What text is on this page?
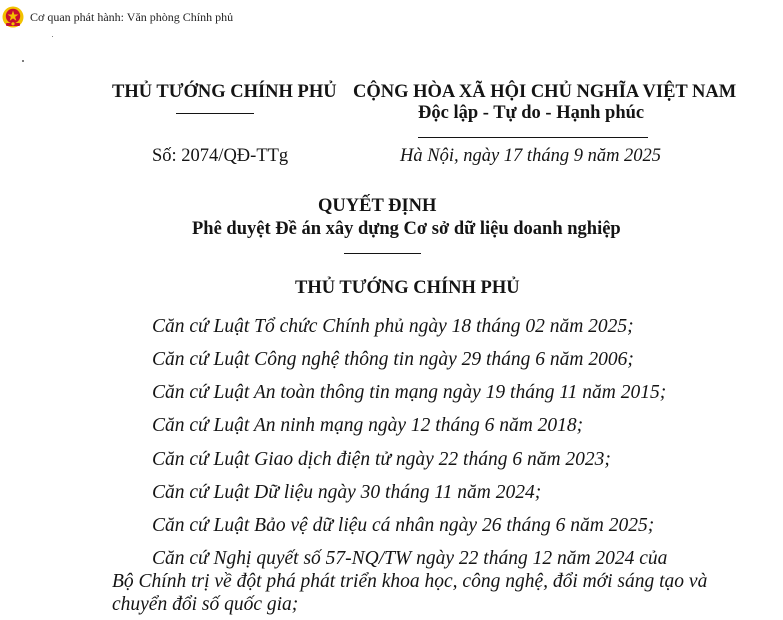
Cơ quan phát hành: Văn phòng Chính phủ

THỦ TƯỚNG CHÍNH PHỦ CỘNG HÒA XÃ HỘI CHỦ NGHĨA VIỆT NAM

Độc lập - Tự do - Hạnh phúc

Số: 2074/QĐ-TTg	Hà Nội, ngày 17 tháng 9 năm 2025

QUYẾT ĐỊNH

Phê duyệt Đề án xây dựng Cơ sở dữ liệu doanh nghiệp

THỦ TƯỚNG CHÍNH PHỦ

Căn cứ Luật Tổ chức Chính phủ ngày 18 tháng 02 năm 2025;

Căn cứ Luật Công nghệ thông tin ngày 29 tháng 6 năm 2006;

Căn cứ Luật An toàn thông tin mạng ngày 19 tháng 11 năm 2015;

Căn cứ Luật An ninh mạng ngày 12 tháng 6 năm 2018;

Căn cứ Luật Giao dịch điện tử ngày 22 tháng 6 năm 2023;

Căn cứ Luật Dữ liệu ngày 30 tháng 11 năm 2024;

Căn cứ Luật Bảo vệ dữ liệu cá nhân ngày 26 tháng 6 năm 2025;

Căn cứ Nghị quyết số 57-NQ/TW ngày 22 tháng 12 năm 2024 của

Bộ Chính trị về đột phá phát triển khoa học, công nghệ, đổi mới sáng tạo và

chuyển đổi số quốc gia;
